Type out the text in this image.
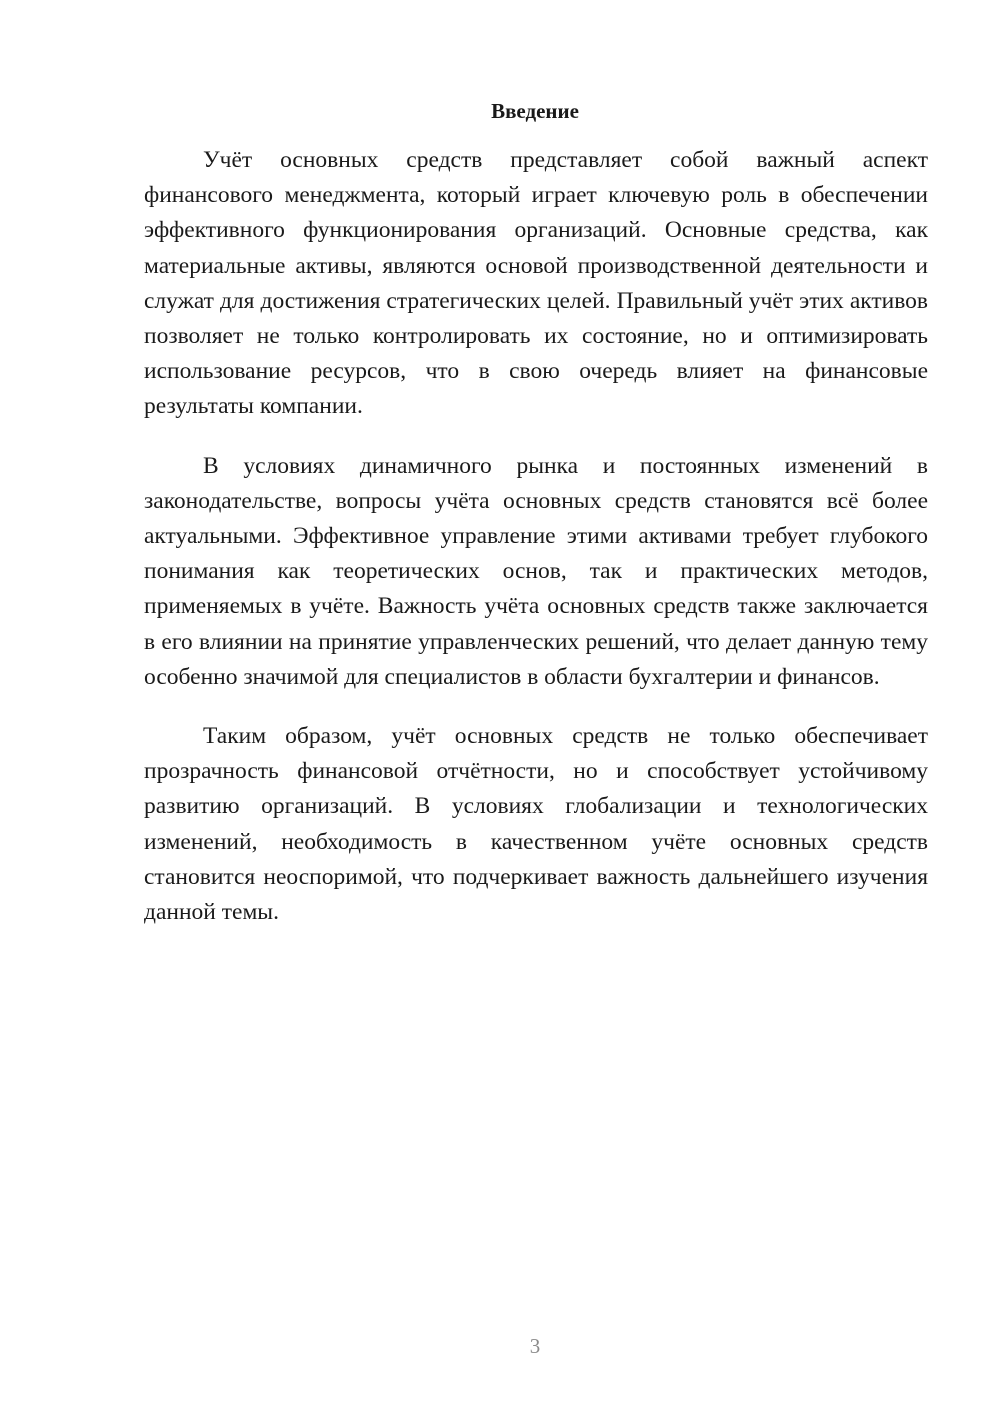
Введение

Учёт основных средств представляет собой важный аспект финансового менеджмента, который играет ключевую роль в обеспечении эффективного функционирования организаций. Основные средства, как материальные активы, являются основой производственной деятельности и служат для достижения стратегических целей. Правильный учёт этих активов позволяет не только контролировать их состояние, но и оптимизировать использование ресурсов, что в свою очередь влияет на финансовые результаты компании.

В условиях динамичного рынка и постоянных изменений в законодательстве, вопросы учёта основных средств становятся всё более актуальными. Эффективное управление этими активами требует глубокого понимания как теоретических основ, так и практических методов, применяемых в учёте. Важность учёта основных средств также заключается в его влиянии на принятие управленческих решений, что делает данную тему особенно значимой для специалистов в области бухгалтерии и финансов.

Таким образом, учёт основных средств не только обеспечивает прозрачность финансовой отчётности, но и способствует устойчивому развитию организаций. В условиях глобализации и технологических изменений, необходимость в качественном учёте основных средств становится неоспоримой, что подчеркивает важность дальнейшего изучения данной темы.

3
